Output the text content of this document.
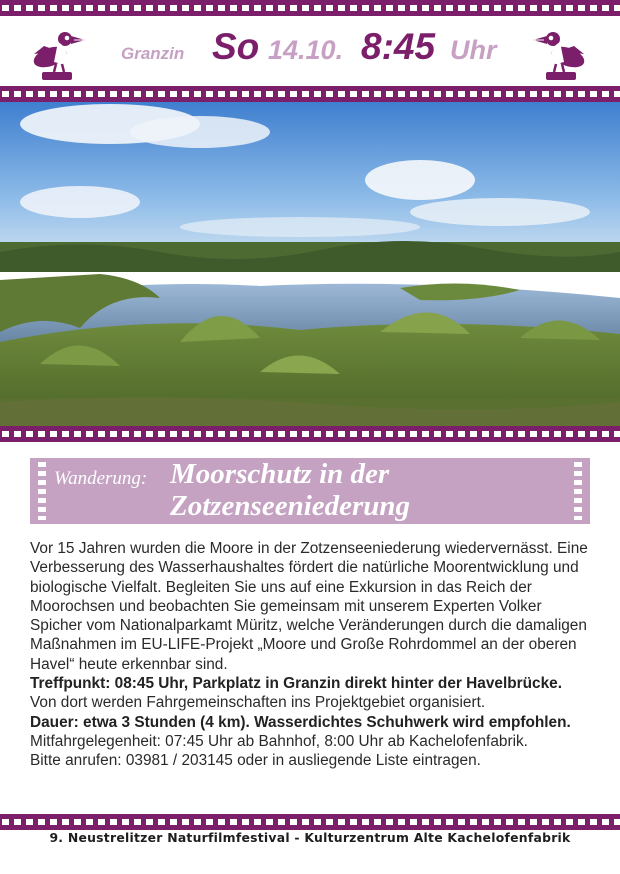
Granzin So 14.10. 8:45 Uhr
Wanderung: Moorschutz in der
Zotzenseeniederung

Vor 15 Jahren wurden die Moore in der Zotzenseeniederung wiedervernässt. Eine Verbesserung des Wasserhaushaltes fördert die natürliche Moorentwicklung und biologische Vielfalt. Begleiten Sie uns auf eine Exkursion in das Reich der Moorochsen und beobachten Sie gemeinsam mit unserem Experten Volker Spicher vom Nationalparkamt Müritz, welche Veränderungen durch die damaligen Maßnahmen im EU-LIFE-Projekt „Moore und Große Rohrdommel an der oberen Havel“ heute erkennbar sind.

Treffpunkt: 08:45 Uhr, Parkplatz in Granzin direkt hinter der Havelbrücke.

Von dort werden Fahrgemeinschaften ins Projektgebiet organisiert.

Dauer: etwa 3 Stunden (4 km). Wasserdichtes Schuhwerk wird empfohlen.

Mitfahrgelegenheit: 07:45 Uhr ab Bahnhof, 8:00 Uhr ab Kachelofenfabrik.

Bitte anrufen: 03981 / 203145 oder in ausliegende Liste eintragen.

9. Neustrelitzer Naturfilmfestival - Kulturzentrum Alte Kachelofenfabrik
